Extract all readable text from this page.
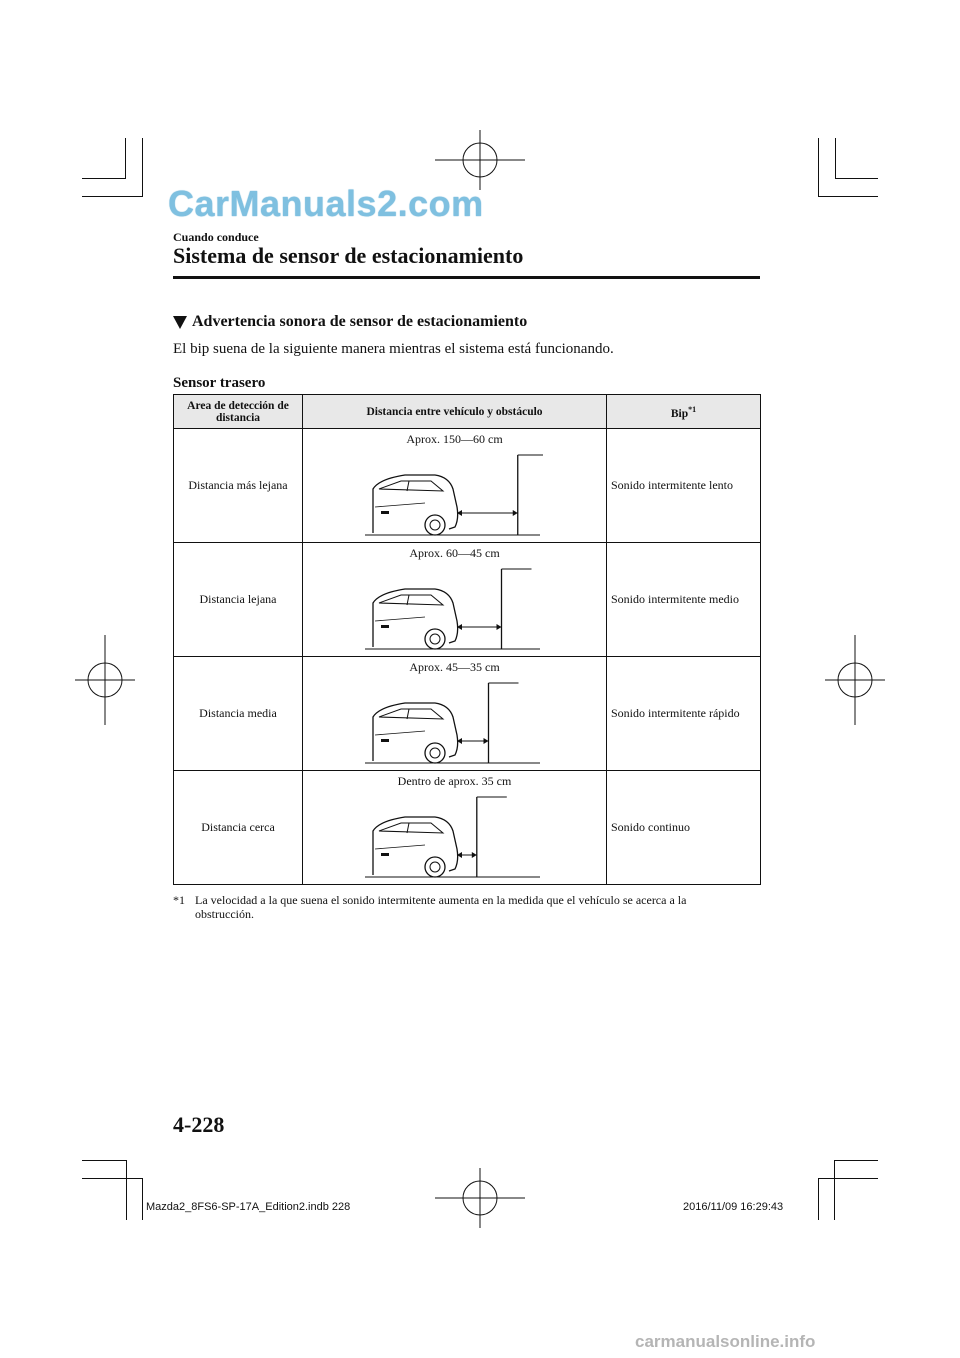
CarManuals2.com
Cuando conduce
Sistema de sensor de estacionamiento
Advertencia sonora de sensor de estacionamiento
El bip suena de la siguiente manera mientras el sistema está funcionando.
Sensor trasero
Area de detección de distancia	Distancia entre vehículo y obstáculo	Bip$^{*1}$
Distancia más lejana	Aprox. 150—60 cm	Sonido intermitente lento
Distancia lejana	Aprox. 60—45 cm	Sonido intermitente medio
Distancia media	Aprox. 45—35 cm	Sonido intermitente rápido
Distancia cerca	Dentro de aprox. 35 cm	Sonido continuo
*1 La velocidad a la que suena el sonido intermitente aumenta en la medida que el vehículo se acerca a la
obstrucción.
4-228
Mazda2_8FS6-SP-17A_Edition2.indb 228	2016/11/09 16:29:43
carmanualsonline.info
